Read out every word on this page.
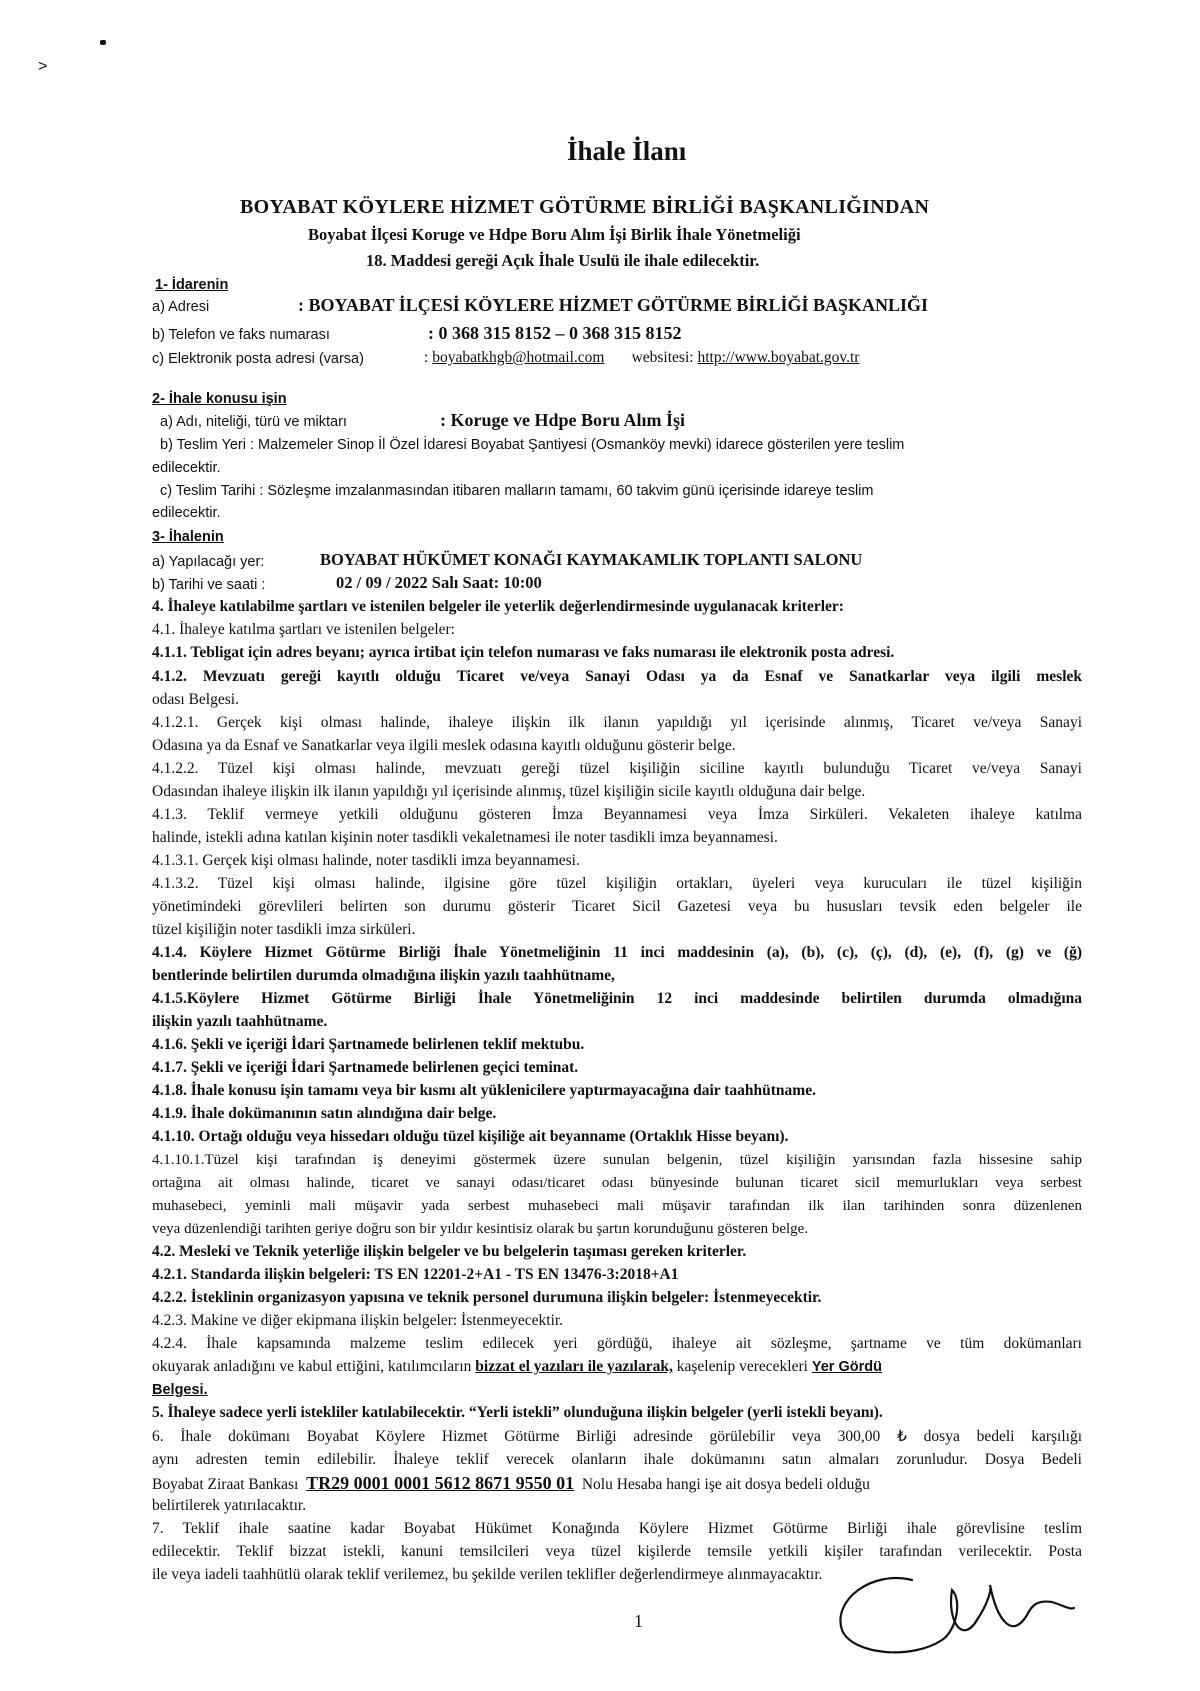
˃
İhale İlanı
BOYABAT KÖYLERE HİZMET GÖTÜRME BİRLİĞİ BAŞKANLIĞINDAN
Boyabat İlçesi Koruge ve Hdpe Boru Alım İşi Birlik İhale Yönetmeliği
18. Maddesi gereği Açık İhale Usulü ile ihale edilecektir.
1- İdarenin
a) Adresi	: BOYABAT İLÇESİ KÖYLERE HİZMET GÖTÜRME BİRLİĞİ BAŞKANLIĞI
b) Telefon ve faks numarası	: 0 368 315 8152 – 0 368 315 8152
c) Elektronik posta adresi (varsa)	: boyabatkhgb@hotmail.com websitesi: http://www.boyabat.gov.tr
2- İhale konusu işin
a) Adı, niteliği, türü ve miktarı	: Koruge ve Hdpe Boru Alım İşi
b) Teslim Yeri : Malzemeler Sinop İl Özel İdaresi Boyabat Şantiyesi (Osmanköy mevki) idarece gösterilen yere teslim
edilecektir.
c) Teslim Tarihi : Sözleşme imzalanmasından itibaren malların tamamı, 60 takvim günü içerisinde idareye teslim
edilecektir.
3- İhalenin
a) Yapılacağı yer:	BOYABAT HÜKÜMET KONAĞI KAYMAKAMLIK TOPLANTI SALONU
b) Tarihi ve saati :	02 / 09 / 2022 Salı Saat: 10:00
4. İhaleye katılabilme şartları ve istenilen belgeler ile yeterlik değerlendirmesinde uygulanacak kriterler:
4.1. İhaleye katılma şartları ve istenilen belgeler:
4.1.1. Tebligat için adres beyanı; ayrıca irtibat için telefon numarası ve faks numarası ile elektronik posta adresi.
4.1.2. Mevzuatı gereği kayıtlı olduğu Ticaret ve/veya Sanayi Odası ya da Esnaf ve Sanatkarlar veya ilgili meslek
odası Belgesi.
4.1.2.1. Gerçek kişi olması halinde, ihaleye ilişkin ilk ilanın yapıldığı yıl içerisinde alınmış, Ticaret ve/veya Sanayi
Odasına ya da Esnaf ve Sanatkarlar veya ilgili meslek odasına kayıtlı olduğunu gösterir belge.
4.1.2.2. Tüzel kişi olması halinde, mevzuatı gereği tüzel kişiliğin siciline kayıtlı bulunduğu Ticaret ve/veya Sanayi
Odasından ihaleye ilişkin ilk ilanın yapıldığı yıl içerisinde alınmış, tüzel kişiliğin sicile kayıtlı olduğuna dair belge.
4.1.3. Teklif vermeye yetkili olduğunu gösteren İmza Beyannamesi veya İmza Sirküleri. Vekaleten ihaleye katılma
halinde, istekli adına katılan kişinin noter tasdikli vekaletnamesi ile noter tasdikli imza beyannamesi.
4.1.3.1. Gerçek kişi olması halinde, noter tasdikli imza beyannamesi.
4.1.3.2. Tüzel kişi olması halinde, ilgisine göre tüzel kişiliğin ortakları, üyeleri veya kurucuları ile tüzel kişiliğin
yönetimindeki görevlileri belirten son durumu gösterir Ticaret Sicil Gazetesi veya bu hususları tevsik eden belgeler ile
tüzel kişiliğin noter tasdikli imza sirküleri.
4.1.4. Köylere Hizmet Götürme Birliği İhale Yönetmeliğinin 11 inci maddesinin (a), (b), (c), (ç), (d), (e), (f), (g) ve (ğ)
bentlerinde belirtilen durumda olmadığına ilişkin yazılı taahhütname,
4.1.5.Köylere Hizmet Götürme Birliği İhale Yönetmeliğinin 12 inci maddesinde belirtilen durumda olmadığına
ilişkin yazılı taahhütname.
4.1.6. Şekli ve içeriği İdari Şartnamede belirlenen teklif mektubu.
4.1.7. Şekli ve içeriği İdari Şartnamede belirlenen geçici teminat.
4.1.8. İhale konusu işin tamamı veya bir kısmı alt yüklenicilere yaptırmayacağına dair taahhütname.
4.1.9. İhale dokümanının satın alındığına dair belge.
4.1.10. Ortağı olduğu veya hissedarı olduğu tüzel kişiliğe ait beyanname (Ortaklık Hisse beyanı).
4.1.10.1.Tüzel kişi tarafından iş deneyimi göstermek üzere sunulan belgenin, tüzel kişiliğin yarısından fazla hissesine sahip
ortağına ait olması halinde, ticaret ve sanayi odası/ticaret odası bünyesinde bulunan ticaret sicil memurlukları veya serbest
muhasebeci, yeminli mali müşavir yada serbest muhasebeci mali müşavir tarafından ilk ilan tarihinden sonra düzenlenen
veya düzenlendiği tarihten geriye doğru son bir yıldır kesintisiz olarak bu şartın korunduğunu gösteren belge.
4.2. Mesleki ve Teknik yeterliğe ilişkin belgeler ve bu belgelerin taşıması gereken kriterler.
4.2.1. Standarda ilişkin belgeleri: TS EN 12201-2+A1 - TS EN 13476-3:2018+A1
4.2.2. İsteklinin organizasyon yapısına ve teknik personel durumuna ilişkin belgeler: İstenmeyecektir.
4.2.3. Makine ve diğer ekipmana ilişkin belgeler: İstenmeyecektir.
4.2.4. İhale kapsamında malzeme teslim edilecek yeri gördüğü, ihaleye ait sözleşme, şartname ve tüm dokümanları
okuyarak anladığını ve kabul ettiğini, katılımcıların bizzat el yazıları ile yazılarak, kaşelenip verecekleri Yer Gördü
Belgesi.
5. İhaleye sadece yerli istekliler katılabilecektir. “Yerli istekli” olunduğuna ilişkin belgeler (yerli istekli beyanı).
6. İhale dokümanı Boyabat Köylere Hizmet Götürme Birliği adresinde görülebilir veya 300,00 ₺ dosya bedeli karşılığı
aynı adresten temin edilebilir. İhaleye teklif verecek olanların ihale dokümanını satın almaları zorunludur. Dosya Bedeli
Boyabat Ziraat Bankası TR29 0001 0001 5612 8671 9550 01 Nolu Hesaba hangi işe ait dosya bedeli olduğu
belirtilerek yatırılacaktır.
7. Teklif ihale saatine kadar Boyabat Hükümet Konağında Köylere Hizmet Götürme Birliği ihale görevlisine teslim
edilecektir. Teklif bizzat istekli, kanuni temsilcileri veya tüzel kişilerde temsile yetkili kişiler tarafından verilecektir. Posta
ile veya iadeli taahhütlü olarak teklif verilemez, bu şekilde verilen teklifler değerlendirmeye alınmayacaktır.
1
